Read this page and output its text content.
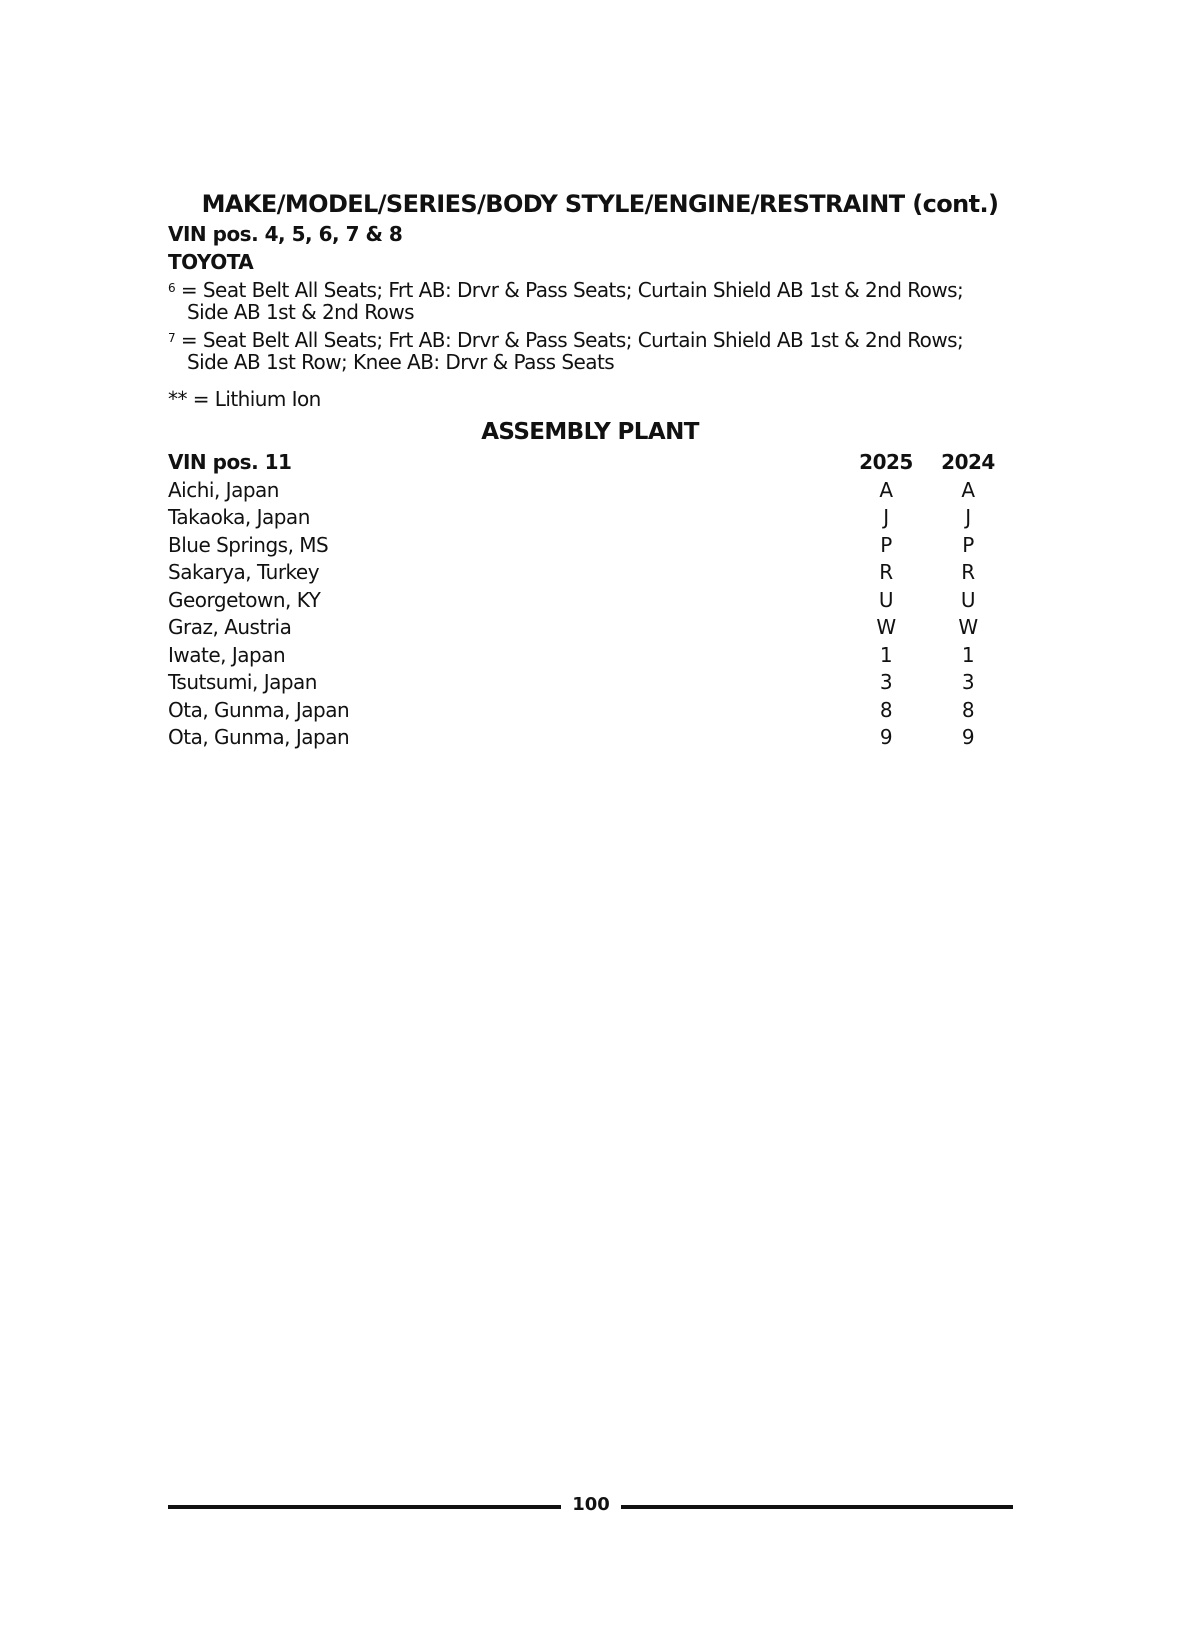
MAKE/MODEL/SERIES/BODY STYLE/ENGINE/RESTRAINT (cont.)
VIN pos. 4, 5, 6, 7 & 8
TOYOTA
$^6$ = Seat Belt All Seats; Frt AB: Drvr & Pass Seats; Curtain Shield AB 1st & 2nd Rows;
Side AB 1st & 2nd Rows
$^7$ = Seat Belt All Seats; Frt AB: Drvr & Pass Seats; Curtain Shield AB 1st & 2nd Rows;
Side AB 1st Row; Knee AB: Drvr & Pass Seats
** = Lithium Ion
ASSEMBLY PLANT
VIN pos. 11	2025 2024
Aichi, Japan	A	A
Takaoka, Japan	J	J
Blue Springs, MS	P	P
Sakarya, Turkey	R	R
Georgetown, KY	U	U
Graz, Austria	W	W
Iwate, Japan	1	1
Tsutsumi, Japan	3	3
Ota, Gunma, Japan	8	8
Ota, Gunma, Japan	9	9
100
